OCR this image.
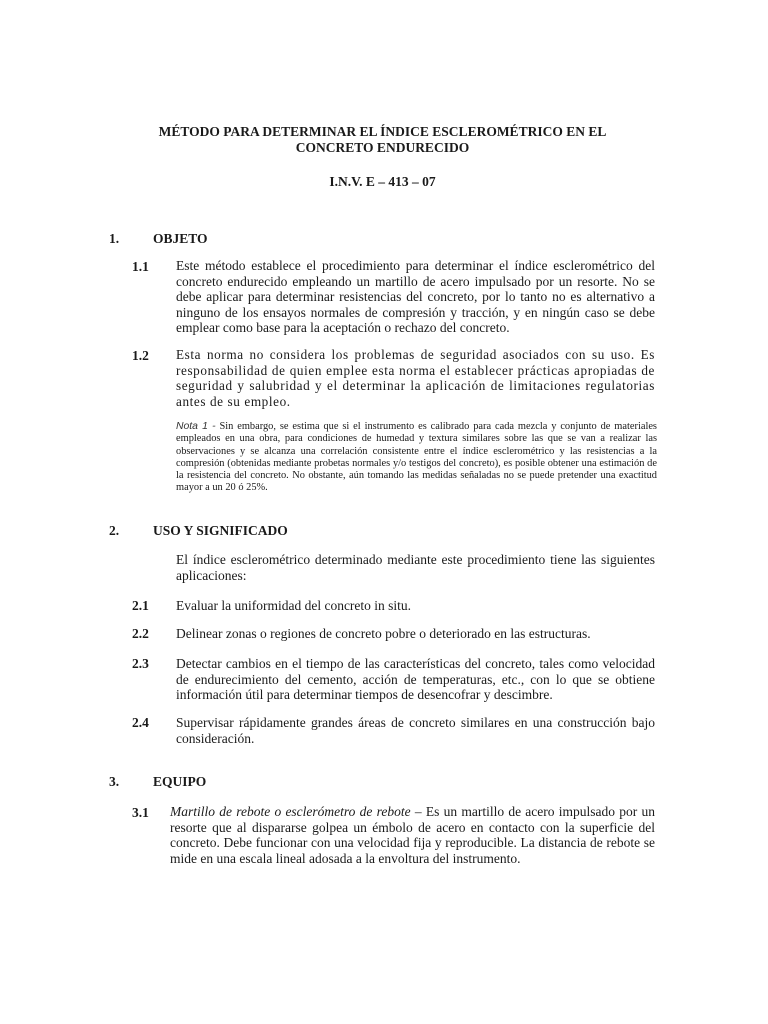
MÉTODO PARA DETERMINAR EL ÍNDICE ESCLEROMÉTRICO EN EL
CONCRETO ENDURECIDO
I.N.V. E – 413 – 07
1.	OBJETO
1.1 Este método establece el procedimiento para determinar el índice esclerométrico del concreto endurecido empleando un martillo de acero impulsado por un resorte. No se debe aplicar para determinar resistencias del concreto, por lo tanto no es alternativo a ninguno de los ensayos normales de compresión y tracción, y en ningún caso se debe emplear como base para la aceptación o rechazo del concreto.
1.2 Esta norma no considera los problemas de seguridad asociados con su uso. Es responsabilidad de quien emplee esta norma el establecer prácticas apropiadas de seguridad y salubridad y el determinar la aplicación de limitaciones regulatorias antes de su empleo.
Nota 1 - Sin embargo, se estima que si el instrumento es calibrado para cada mezcla y conjunto de materiales empleados en una obra, para condiciones de humedad y textura similares sobre las que se van a realizar las observaciones y se alcanza una correlación consistente entre el índice esclerométrico y las resistencias a la compresión (obtenidas mediante probetas normales y/o testigos del concreto), es posible obtener una estimación de la resistencia del concreto. No obstante, aún tomando las medidas señaladas no se puede pretender una exactitud mayor a un 20 ó 25%.
2.	USO Y SIGNIFICADO
El índice esclerométrico determinado mediante este procedimiento tiene las siguientes aplicaciones:
2.1 Evaluar la uniformidad del concreto in situ.
2.2 Delinear zonas o regiones de concreto pobre o deteriorado en las estructuras.
2.3 Detectar cambios en el tiempo de las características del concreto, tales como velocidad de endurecimiento del cemento, acción de temperaturas, etc., con lo que se obtiene información útil para determinar tiempos de desencofrar y descimbre.
2.4 Supervisar rápidamente grandes áreas de concreto similares en una construcción bajo consideración.
3.	EQUIPO
3.1 Martillo de rebote o esclerómetro de rebote – Es un martillo de acero impulsado por un resorte que al dispararse golpea un émbolo de acero en contacto con la superficie del concreto. Debe funcionar con una velocidad fija y reproducible. La distancia de rebote se mide en una escala lineal adosada a la envoltura del instrumento.
